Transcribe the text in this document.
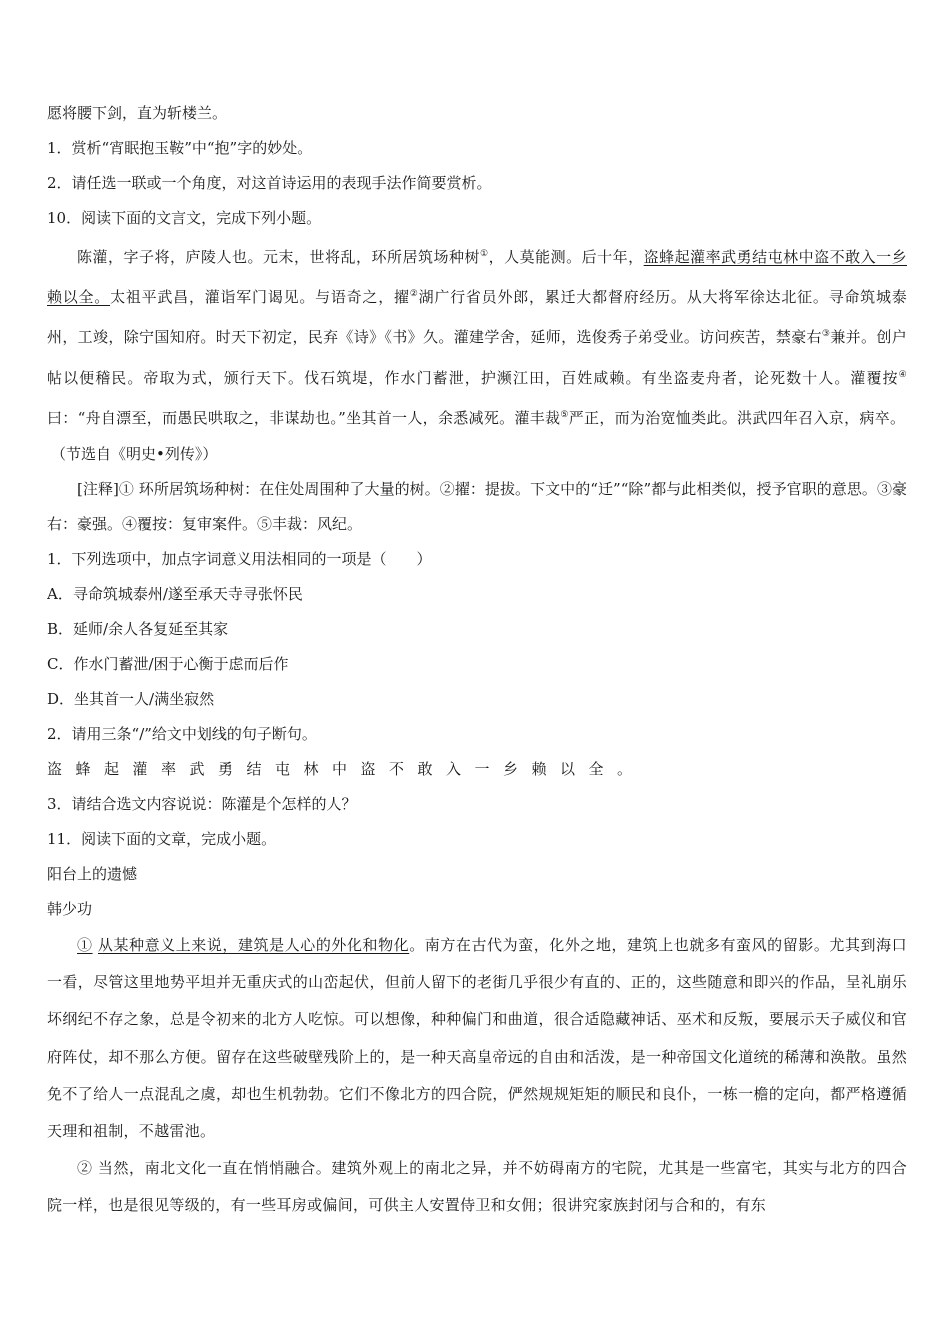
愿将腰下剑，直为斩楼兰。
1．赏析“宵眠抱玉鞍”中“抱”字的妙处。
2．请任选一联或一个角度，对这首诗运用的表现手法作简要赏析。
10．阅读下面的文言文，完成下列小题。
陈灌，字子将，庐陵人也。元末，世将乱，环所居筑场种树①，人莫能测。后十年，盗蜂起灌率武勇结屯林中盗不敢入一乡赖以全。太祖平武昌，灌诣军门谒见。与语奇之，擢②湖广行省员外郎，累迁大都督府经历。从大将军徐达北征。寻命筑城泰州，工竣，除宁国知府。时天下初定，民弃《诗》《书》久。灌建学舍，延师，选俊秀子弟受业。访问疾苦，禁豪右③兼并。创户帖以便稽民。帝取为式，颁行天下。伐石筑堤，作水门蓄泄，护濒江田，百姓咸赖。有坐盗麦舟者，论死数十人。灌覆按④曰：“舟自漂至，而愚民哄取之，非谋劫也。”坐其首一人，余悉减死。灌丰裁⑤严正，而为治宽恤类此。洪武四年召入京，病卒。
（节选自《明史•列传》）
[注释]① 环所居筑场种树：在住处周围种了大量的树。②擢：提拔。下文中的“迁”“除”都与此相类似，授予官职的意思。③豪右：豪强。④覆按：复审案件。⑤丰裁：风纪。
1．下列选项中，加点字词意义用法相同的一项是（　　）
A．寻命筑城泰州/遂至承天寺寻张怀民
B．延师/余人各复延至其家
C．作水门蓄泄/困于心衡于虑而后作
D．坐其首一人/满坐寂然
2．请用三条“/”给文中划线的句子断句。
盗蜂起灌率武勇结屯林中盗不敢入一乡赖以全。
3．请结合选文内容说说：陈灌是个怎样的人？
11．阅读下面的文章，完成小题。
阳台上的遗憾
韩少功
① 从某种意义上来说，建筑是人心的外化和物化。南方在古代为蛮，化外之地，建筑上也就多有蛮风的留影。尤其到海口一看，尽管这里地势平坦并无重庆式的山峦起伏，但前人留下的老街几乎很少有直的、正的，这些随意和即兴的作品，呈礼崩乐坏纲纪不存之象，总是令初来的北方人吃惊。可以想像，种种偏门和曲道，很合适隐藏神话、巫术和反叛，要展示天子威仪和官府阵仗，却不那么方便。留存在这些破壁残阶上的，是一种天高皇帝远的自由和活泼，是一种帝国文化道统的稀薄和涣散。虽然免不了给人一点混乱之虞，却也生机勃勃。它们不像北方的四合院，俨然规规矩矩的顺民和良仆，一栋一檐的定向，都严格遵循天理和祖制，不越雷池。
② 当然，南北文化一直在悄悄融合。建筑外观上的南北之异，并不妨碍南方的宅院，尤其是一些富宅，其实与北方的四合院一样，也是很见等级的，有一些耳房或偏间，可供主人安置侍卫和女佣；很讲究家族封闭与合和的，有东
